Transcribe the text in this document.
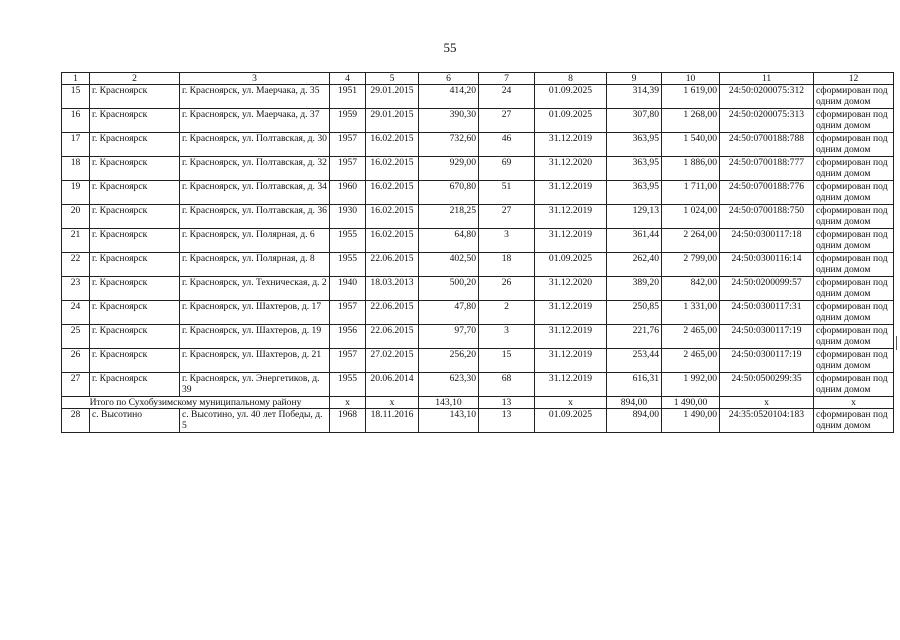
55
1	2	3	4	5	6	7	8	9	10	11	12
15	г. Красноярск	г. Красноярск, ул. Маерчака, д. 35	1951	29.01.2015	414,20	24	01.09.2025	314,39	1 619,00	24:50:0200075:312	сформирован под одним домом
16	г. Красноярск	г. Красноярск, ул. Маерчака, д. 37	1959	29.01.2015	390,30	27	01.09.2025	307,80	1 268,00	24:50:0200075:313	сформирован под одним домом
17	г. Красноярск	г. Красноярск, ул. Полтавская, д. 30	1957	16.02.2015	732,60	46	31.12.2019	363,95	1 540,00	24:50:0700188:788	сформирован под одним домом
18	г. Красноярск	г. Красноярск, ул. Полтавская, д. 32	1957	16.02.2015	929,00	69	31.12.2020	363,95	1 886,00	24:50:0700188:777	сформирован под одним домом
19	г. Красноярск	г. Красноярск, ул. Полтавская, д. 34	1960	16.02.2015	670,80	51	31.12.2019	363,95	1 711,00	24:50:0700188:776	сформирован под одним домом
20	г. Красноярск	г. Красноярск, ул. Полтавская, д. 36	1930	16.02.2015	218,25	27	31.12.2019	129,13	1 024,00	24:50:0700188:750	сформирован под одним домом
21	г. Красноярск	г. Красноярск, ул. Полярная, д. 6	1955	16.02.2015	64,80	3	31.12.2019	361,44	2 264,00	24:50:0300117:18	сформирован под одним домом
22	г. Красноярск	г. Красноярск, ул. Полярная, д. 8	1955	22.06.2015	402,50	18	01.09.2025	262,40	2 799,00	24:50:0300116:14	сформирован под одним домом
23	г. Красноярск	г. Красноярск, ул. Техническая, д. 2	1940	18.03.2013	500,20	26	31.12.2020	389,20	842,00	24:50:0200099:57	сформирован под одним домом
24	г. Красноярск	г. Красноярск, ул. Шахтеров, д. 17	1957	22.06.2015	47,80	2	31.12.2019	250,85	1 331,00	24:50:0300117:31	сформирован под одним домом
25	г. Красноярск	г. Красноярск, ул. Шахтеров, д. 19	1956	22.06.2015	97,70	3	31.12.2019	221,76	2 465,00	24:50:0300117:19	сформирован под одним домом
26	г. Красноярск	г. Красноярск, ул. Шахтеров, д. 21	1957	27.02.2015	256,20	15	31.12.2019	253,44	2 465,00	24:50:0300117:19	сформирован под одним домом
27	г. Красноярск	г. Красноярск, ул. Энергетиков, д. 39	1955	20.06.2014	623,30	68	31.12.2019	616,31	1 992,00	24:50:0500299:35	сформирован под одним домом
Итого по Сухобузимскому муниципальному району			x	x	143,10	13	x	894,00	1 490,00	x	x
28	с. Высотино	с. Высотино, ул. 40 лет Победы, д. 5	1968	18.11.2016	143,10	13	01.09.2025	894,00	1 490,00	24:35:0520104:183	сформирован под одним домом
